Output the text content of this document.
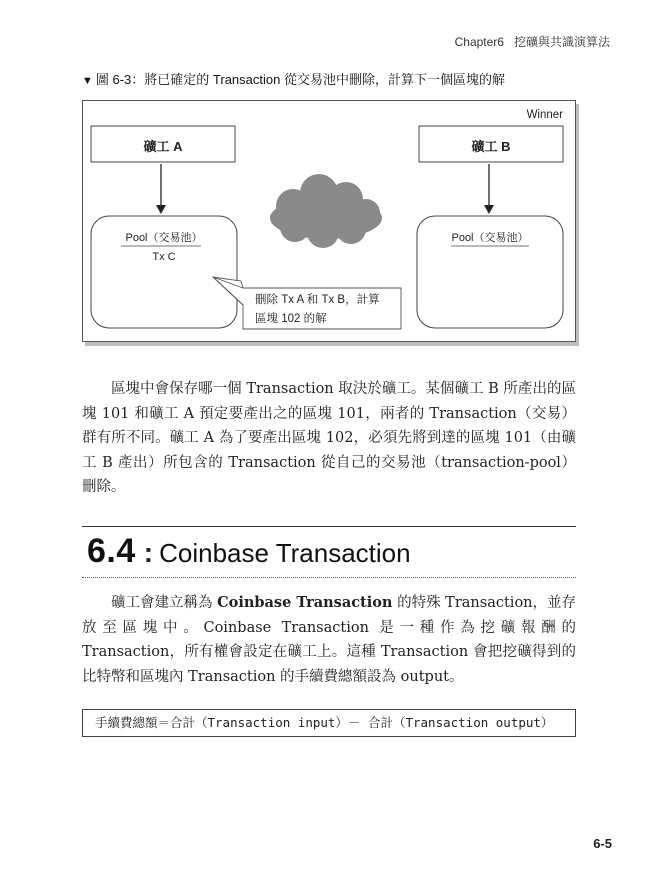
Chapter6 挖礦與共識演算法
▼ 圖 6-3：將已確定的 Transaction 從交易池中刪除，計算下一個區塊的解
Winner
礦工 A	礦工 B
Pool（交易池）
Tx C
Pool（交易池）
刪除 Tx A 和 Tx B，計算
區塊 102 的解

區塊中會保存哪一個 Transaction 取決於礦工。某個礦工 B 所產出的區塊 101 和礦工 A 預定要產出之的區塊 101，兩者的 Transaction（交易）群有所不同。礦工 A 為了要產出區塊 102，必須先將到達的區塊 101（由礦工 B 產出）所包含的 Transaction 從自己的交易池（transaction-pool）刪除。

6.4 : Coinbase Transaction

礦工會建立稱為 Coinbase Transaction 的特殊 Transaction，並存放至區塊中。Coinbase Transaction 是一種作為挖礦報酬的 Transaction，所有權會設定在礦工上。這種 Transaction 會把挖礦得到的比特幣和區塊內 Transaction 的手續費總額設為 output。

手續費總額＝合計（Transaction input）－ 合計（Transaction output）
6-5
